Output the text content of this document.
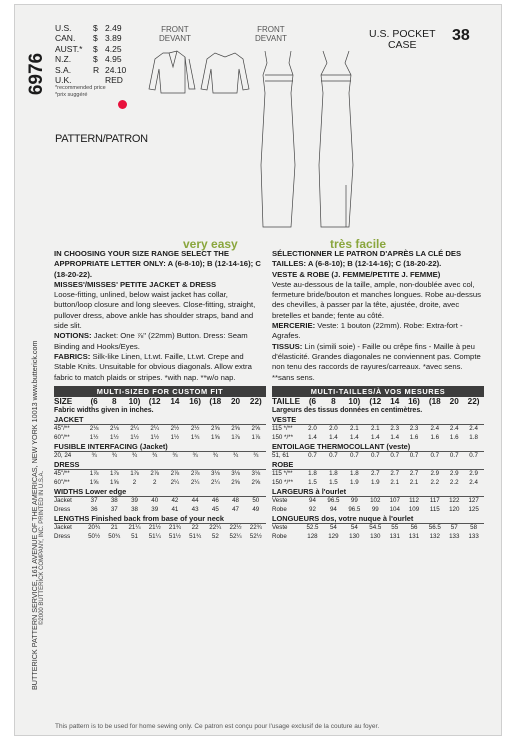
6976
BUTTERICK PATTERN SERVICE, 161 AVENUE OF THE AMERICAS, NEW YORK 10013 www.butterick.com ©2000 BUTTERICK COMPANY, INC. PRINTED IN U.S.A.
U.S.	$ 2.49
CAN.	$ 3.89
AUST.*	$ 4.25
N.Z.	$ 4.95
S.A.	R 24.10
U.K.	RED
*recommended price
*prix suggéré
PATTERN/PATRON
FRONT
DEVANT
FRONT
DEVANT	U.S. POCKET
CASE
38
very easy	très facile

IN CHOOSING YOUR SIZE RANGE SELECT THE APPROPRIATE LETTER ONLY: A (6-8-10); B (12-14-16); C (18-20-22).

MISSES'/MISSES' PETITE JACKET & DRESS

Loose-fitting, unlined, below waist jacket has collar, button/loop closure and long sleeves. Close-fitting, straight, pullover dress, above ankle has shoulder straps, band and side slit.

NOTIONS: Jacket: One ⅞" (22mm) Button. Dress: Seam Binding and Hooks/Eyes.

FABRICS: Silk-like Linen, Lt.wt. Faille, Lt.wt. Crepe and Stable Knits. Unsuitable for obvious diagonals. Allow extra fabric to match plaids or stripes. *with nap. **w/o nap.

MULTI-SIZED FOR CUSTOM FIT
SIZE	(6	8	10)	(12	14	16)	(18	20	22)
Fabric widths given in inches.									
JACKET									
45"/**	2⅛	2⅛	2¼	2¼	2½	2½	2⅝	2⅝	2⅝
60"/**	1½	1½	1½	1½	1½	1¾	1⅝	1⅞	1⅞
FUSIBLE INTERFACING (Jacket)									
20, 24	¾	¾	¾	¾	¾	¾	¾	¾	¾
DRESS									
45"/**	1⅞	1⅞	1⅞	2⅞	2⅞	2⅞	3⅛	3⅛	3⅛
60"/**	1⅝	1⅝	2	2	2¼	2¼	2¼	2⅝	2⅝
WIDTHS Lower edge									
Jacket	37	38	39	40	42	44	46	48	50
Dress	36	37	38	39	41	43	45	47	49
LENGTHS Finished back from base of your neck									
Jacket	20¾	21	21¼	21½	21¾	22	22¼	22½	22¾
Dress	50½	50¾	51	51¼	51½	51¾	52	52¼	52½

SÉLECTIONNER LE PATRON D'APRÈS LA CLÉ DES TAILLES: A (6-8-10); B (12-14-16); C (18-20-22).

VESTE & ROBE (J. FEMME/PETITE J. FEMME)

Veste au-dessous de la taille, ample, non-doublée avec col, fermeture bride/bouton et manches longues. Robe au-dessus des chevilles, à passer par la tête, ajustée, droite, avec bretelles et bande; fente au côté.

MERCERIE: Veste: 1 bouton (22mm). Robe: Extra-fort - Agrafes.

TISSUS: Lin (simili soie) - Faille ou crêpe fins - Maille à peu d'élasticité. Grandes diagonales ne conviennent pas. Compte non tenu des raccords de rayures/carreaux. *avec sens. **sans sens.

MULTI-TAILLES/À VOS MESURES
TAILLE	(6	8	10)	(12	14	16)	(18	20	22)
Largeurs des tissus données en centimètres.									
VESTE									
115 */**	2.0	2.0	2.1	2.1	2.3	2.3	2.4	2.4	2.4
150 */**	1.4	1.4	1.4	1.4	1.4	1.6	1.6	1.6	1.8
ENTOILAGE THERMOCOLLANT (veste)									
51, 61	0.7	0.7	0.7	0.7	0.7	0.7	0.7	0.7	0.7
ROBE									
115 */**	1.8	1.8	1.8	2.7	2.7	2.7	2.9	2.9	2.9
150 */**	1.5	1.5	1.9	1.9	2.1	2.1	2.2	2.2	2.4
LARGEURS à l'ourlet									
Veste	94	96.5	99	102	107	112	117	122	127
Robe	92	94	96.5	99	104	109	115	120	125
LONGUEURS dos, votre nuque à l'ourlet									
Veste	52.5	54	54	54.5	55	56	56.5	57	58
Robe	128	129	130	130	131	131	132	133	133
This pattern is to be used for home sewing only. Ce patron est conçu pour l'usage exclusif de la couture au foyer.
